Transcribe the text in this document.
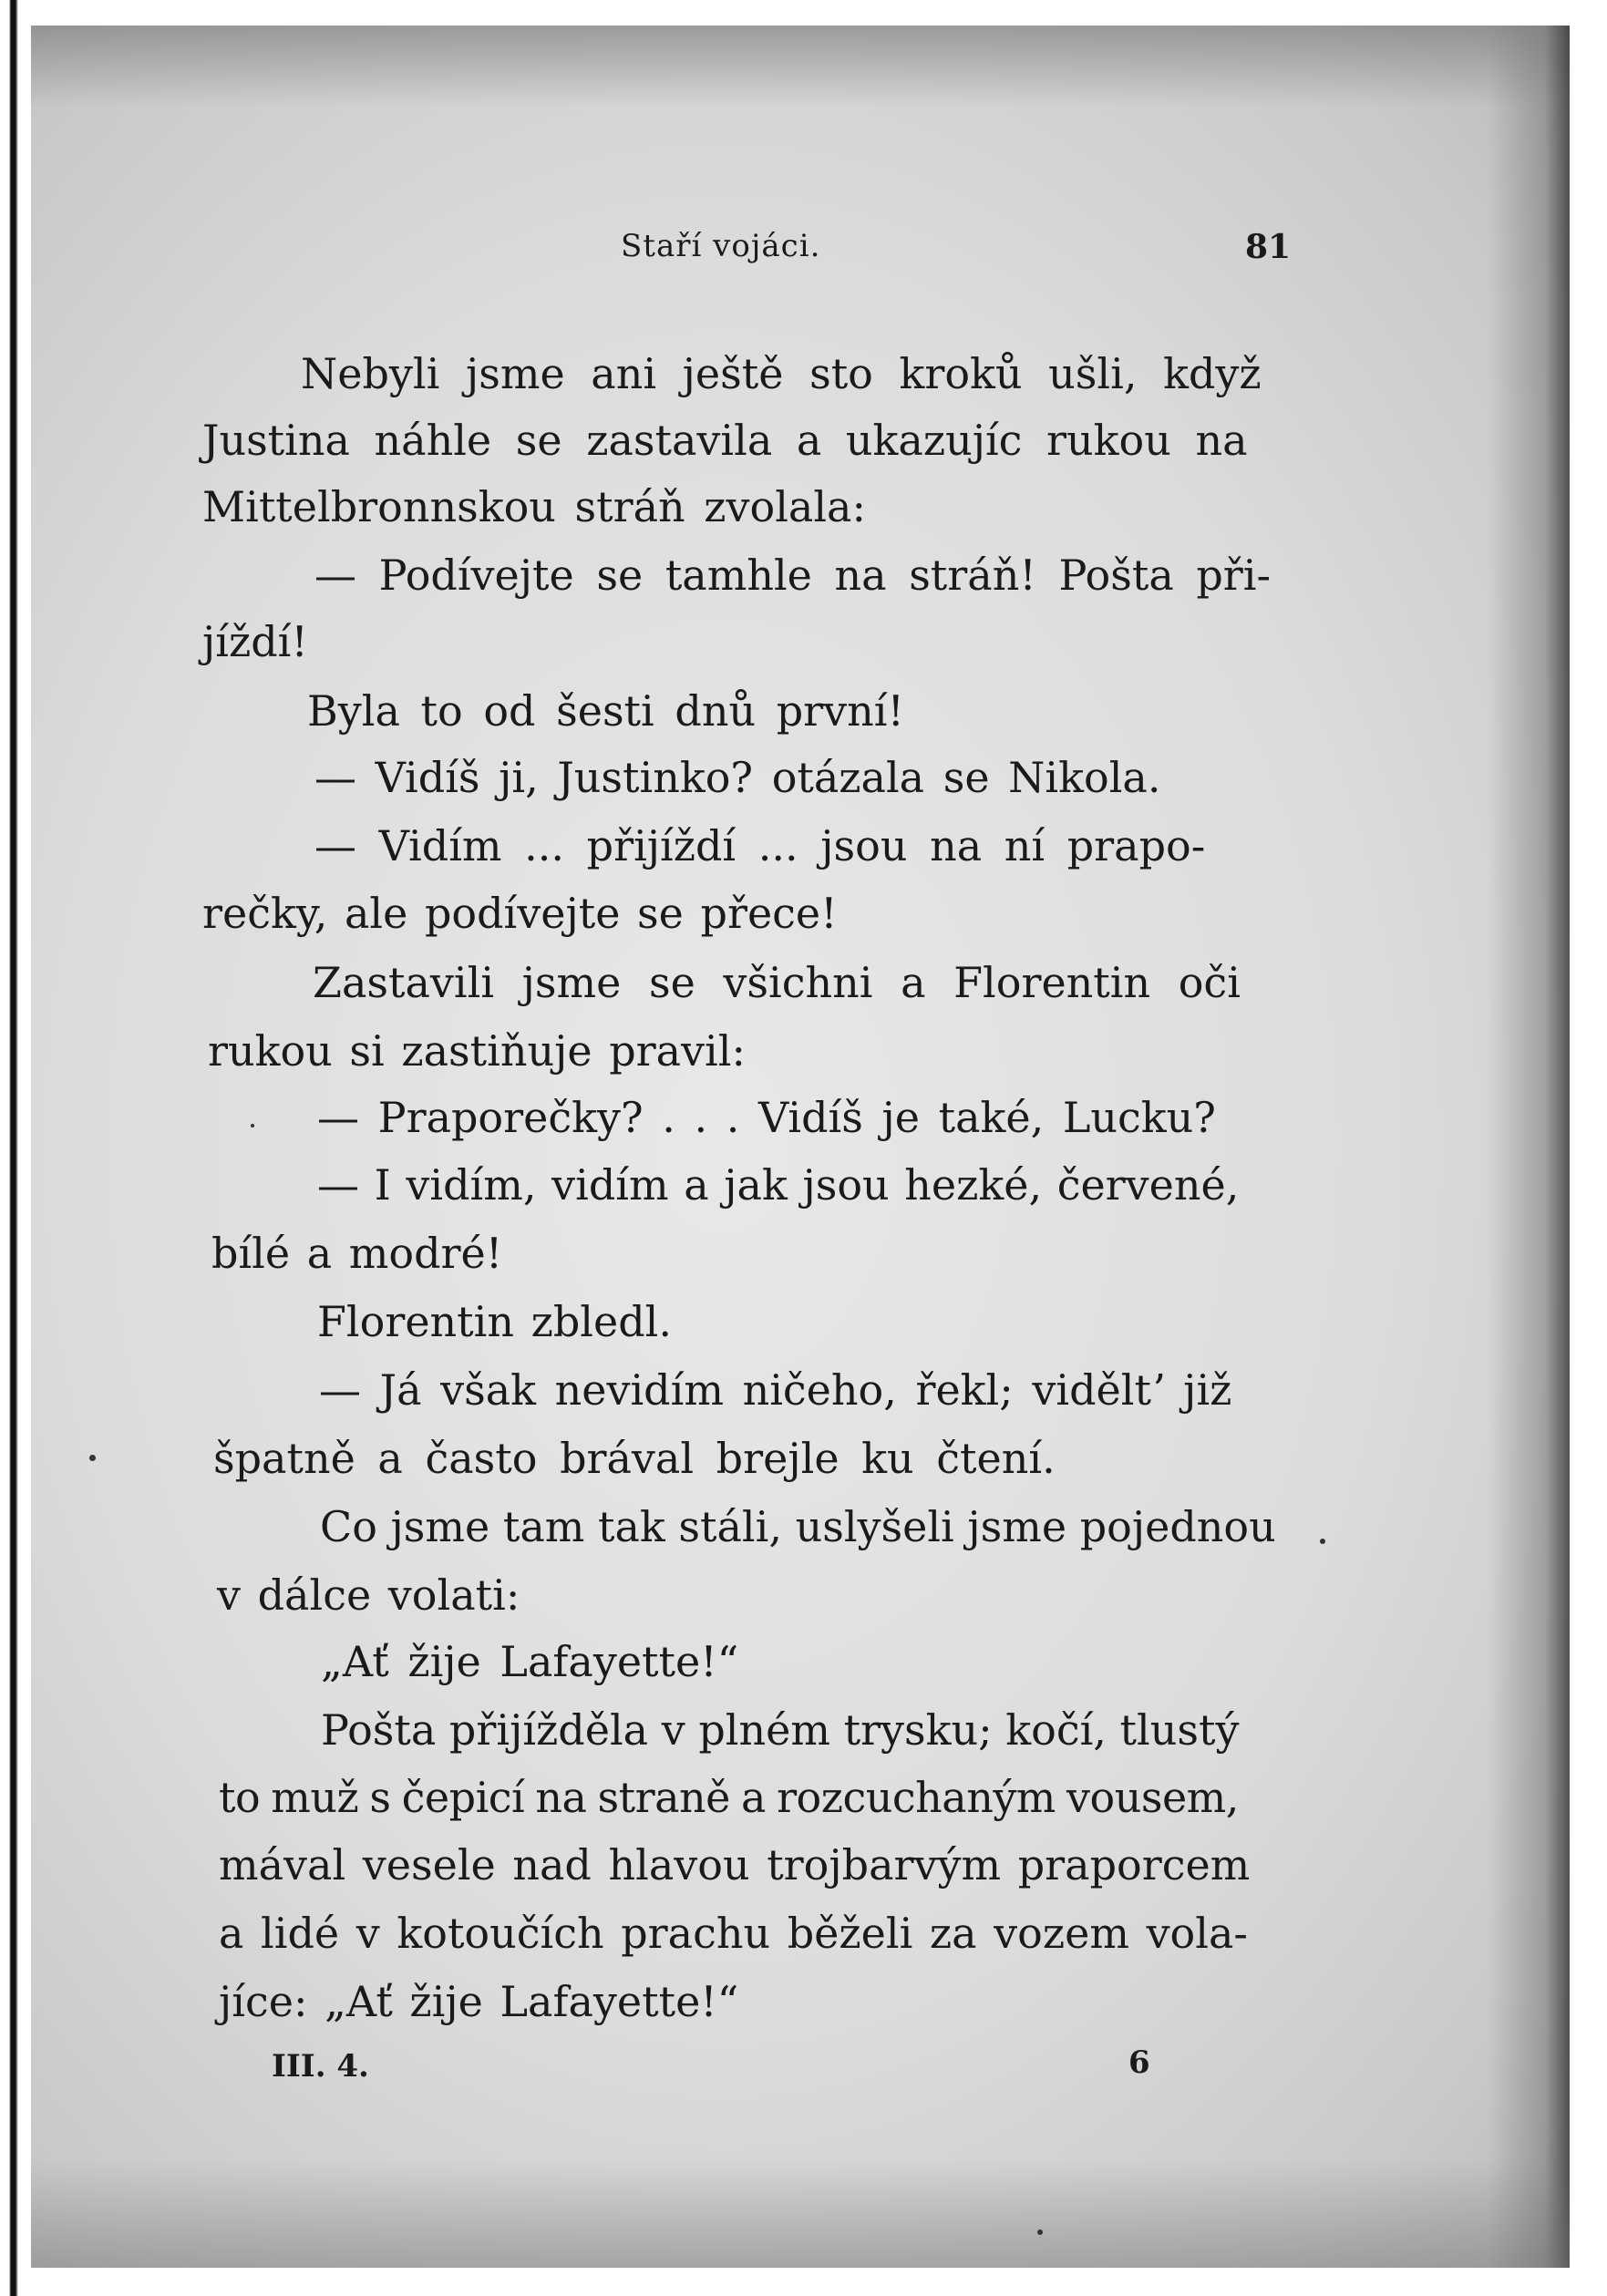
Staří vojáci.	81
Nebyli jsme ani ještě sto kroků ušli, když
Justina náhle se zastavila a ukazujíc rukou na
Mittelbronnskou stráň zvolala:
— Podívejte se tamhle na stráň! Pošta při-
jíždí!
Byla to od šesti dnů první!
— Vidíš ji, Justinko? otázala se Nikola.
— Vidím ... přijíždí ... jsou na ní prapo-
rečky, ale podívejte se přece!
Zastavili jsme se všichni a Florentin oči
rukou si zastiňuje pravil:
— Praporečky? . . . Vidíš je také, Lucku?
— I vidím, vidím a jak jsou hezké, červené,
bílé a modré!
Florentin zbledl.
— Já však nevidím ničeho, řekl; viděltʼ již
špatně a často brával brejle ku čtení.
Co jsme tam tak stáli, uslyšeli jsme pojednou
v dálce volati:
„Ať žije Lafayette!“
Pošta přijížděla v plném trysku; kočí, tlustý
to muž s čepicí na straně a rozcuchaným vousem,
mával vesele nad hlavou trojbarvým praporcem
a lidé v kotoučích prachu běželi za vozem vola-
jíce: „Ať žije Lafayette!“
III. 4.	6
